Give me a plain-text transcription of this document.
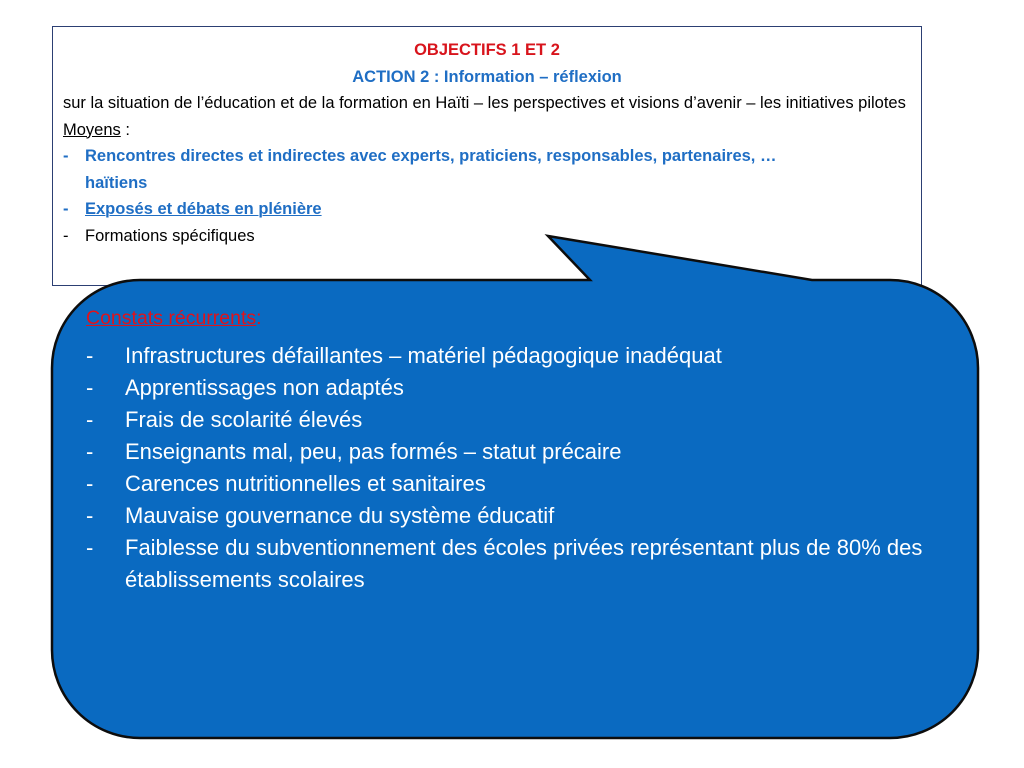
OBJECTIFS 1 ET 2
ACTION 2 : Information – réflexion
sur la situation de l’éducation et de la formation en Haïti – les perspectives et visions d’avenir – les initiatives pilotes
Moyens :
- Rencontres directes et indirectes avec experts, praticiens, responsables, partenaires, …
haïtiens
- Exposés et débats en plénière
- Formations spécifiques
Constats récurrents:
-	Infrastructures défaillantes – matériel pédagogique inadéquat
-	Apprentissages non adaptés
-	Frais de scolarité élevés
-	Enseignants mal, peu, pas formés – statut précaire
-	Carences nutritionnelles et sanitaires
-	Mauvaise gouvernance du système éducatif
-	Faiblesse du subventionnement des écoles privées représentant plus de 80% des établissements scolaires
